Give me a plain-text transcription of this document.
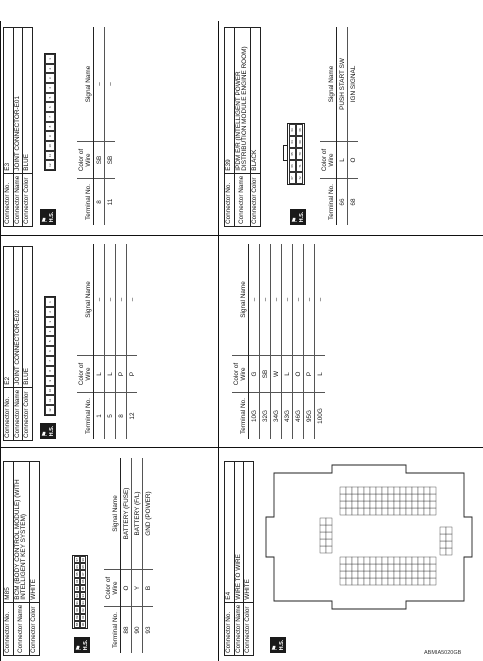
Connector No.	M85
Connector Name	BCM (BODY CONTROL MODULE) (WITH INTELLIGENT KEY SYSTEM)
Connector Color	WHITE
⚑ H.S.
88
89
90
91
92
93
94
95
96
97
90
91
92
93
94
95
96
97
98
99
Terminal No.	Color of Wire	Signal Name
88	O	BATTERY (FUSE)
90	Y	BATTERY (F/L)
93	B	GND (POWER)
Connector No.	E2
Connector Name	JOINT CONNECTOR-E02
Connector Color	BLUE
⚑ H.S.
12
11
10
9
8
7
6
5
4
3
2
1
Terminal No.	Color of Wire	Signal Name
1	L	–
5	L	–
8	P	–
12	P	–
Connector No.	E3
Connector Name	JOINT CONNECTOR-E01
Connector Color	BLUE
⚑ H.S.
12
11
10
9
8
7
6
5
4
3
2
1
Terminal No.	Color of Wire	Signal Name
8	SB	–
11	SB	–
Connector No.	E4
Connector Name	WIRE TO WIRE
Connector Color	WHITE
⚑ H.S.
Terminal No.	Color of Wire	Signal Name
10G	G	–
32G	SB	–
34G	W	–
43G	L	–
46G	O	–
95G	P	–
100G	L	–
Connector No.	E39
Connector Name	IPDM E/R (INTELLIGENT POWER DISTRIBUTION MODULE ENGINE ROOM)
Connector Color	BLACK
⚑ H.S.
67
66
65
64
63
72
71
70
69
68
Terminal No.	Color of Wire	Signal Name
66	L	PUSH START SW
68	O	IGN SIGNAL
ABMIA5020GB
